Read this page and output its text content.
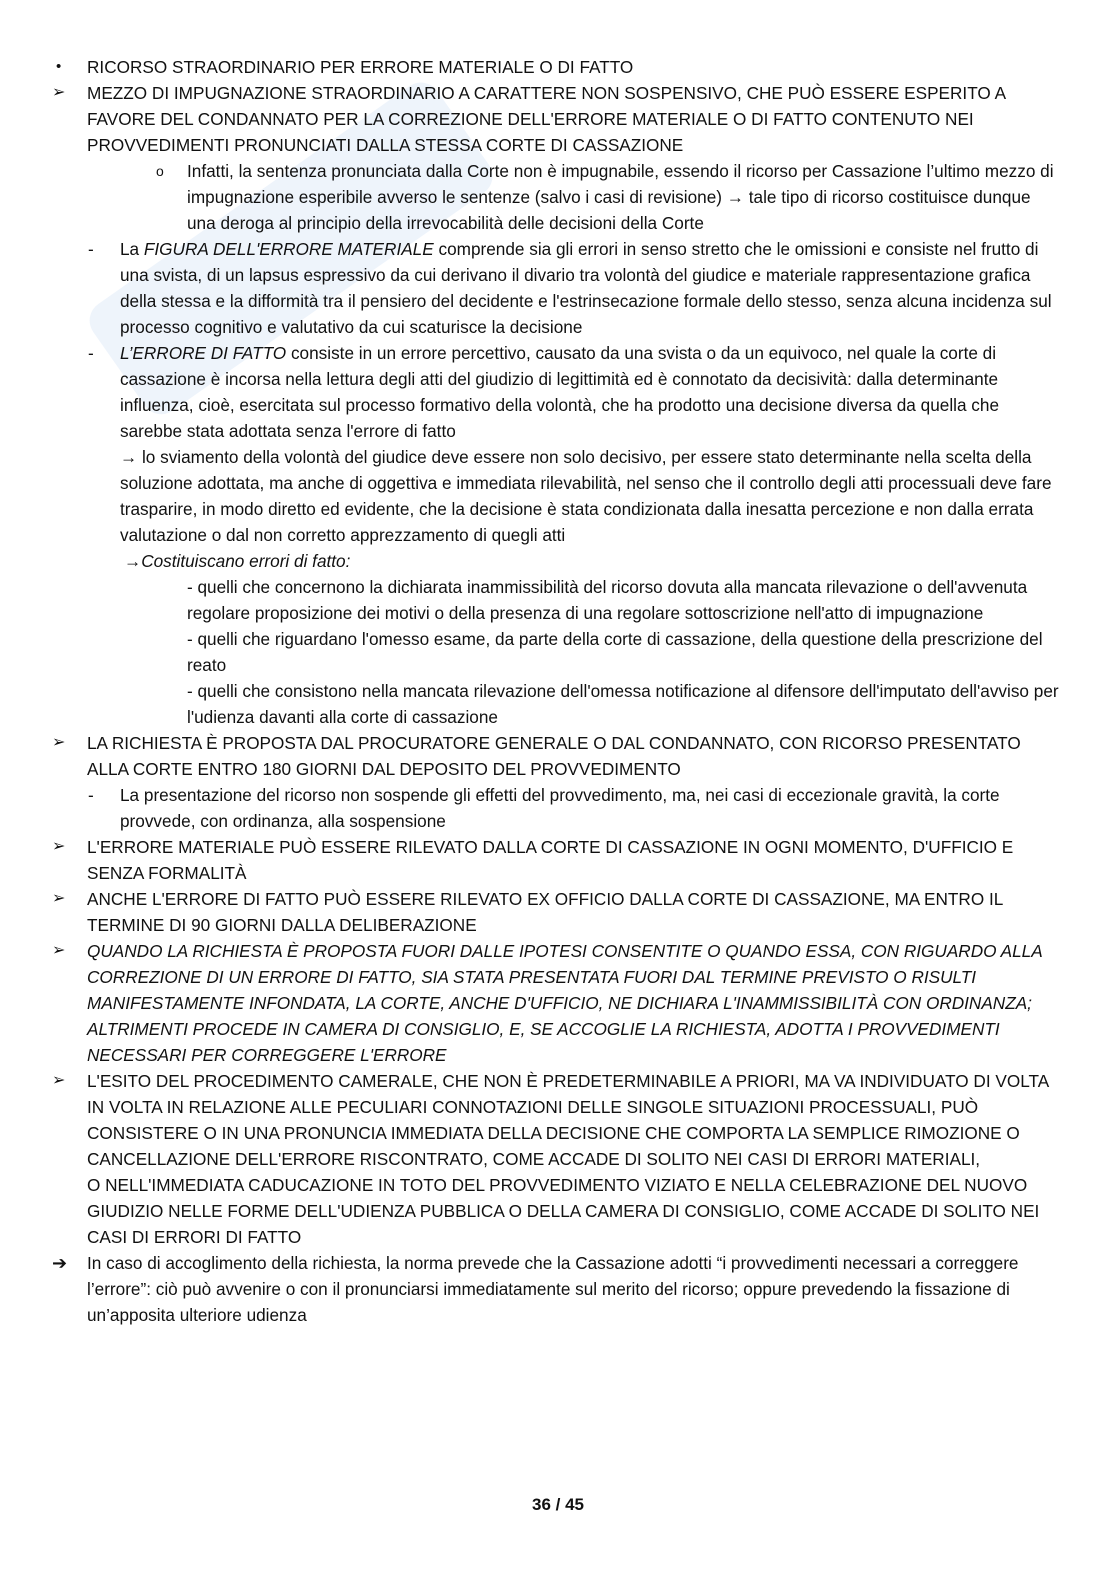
•	RICORSO STRAORDINARIO PER ERRORE MATERIALE O DI FATTO
➢	MEZZO DI IMPUGNAZIONE STRAORDINARIO A CARATTERE NON SOSPENSIVO, CHE PUÒ ESSERE ESPERITO A FAVORE DEL CONDANNATO PER LA CORREZIONE DELL'ERRORE MATERIALE O DI FATTO CONTENUTO NEI PROVVEDIMENTI PRONUNCIATI DALLA STESSA CORTE DI CASSAZIONE
o	Infatti, la sentenza pronunciata dalla Corte non è impugnabile, essendo il ricorso per Cassazione l’ultimo mezzo di impugnazione esperibile avverso le sentenze (salvo i casi di revisione) → tale tipo di ricorso costituisce dunque una deroga al principio della irrevocabilità delle decisioni della Corte
-	La FIGURA DELL'ERRORE MATERIALE comprende sia gli errori in senso stretto che le omissioni e consiste nel frutto di una svista, di un lapsus espressivo da cui derivano il divario tra volontà del giudice e materiale rappresentazione grafica della stessa e la difformità tra il pensiero del decidente e l'estrinsecazione formale dello stesso, senza alcuna incidenza sul processo cognitivo e valutativo da cui scaturisce la decisione
-	L’ERRORE DI FATTO consiste in un errore percettivo, causato da una svista o da un equivoco, nel quale la corte di cassazione è incorsa nella lettura degli atti del giudizio di legittimità ed è connotato da decisività: dalla determinante influenza, cioè, esercitata sul processo formativo della volontà, che ha prodotto una decisione diversa da quella che sarebbe stata adottata senza l'errore di fatto
→ lo sviamento della volontà del giudice deve essere non solo decisivo, per essere stato determinante nella scelta della soluzione adottata, ma anche di oggettiva e immediata rilevabilità, nel senso che il controllo degli atti processuali deve fare trasparire, in modo diretto ed evidente, che la decisione è stata condizionata dalla inesatta percezione e non dalla errata valutazione o dal non corretto apprezzamento di quegli atti
→Costituiscano errori di fatto:
- quelli che concernono la dichiarata inammissibilità del ricorso dovuta alla mancata rilevazione o dell'avvenuta regolare proposizione dei motivi o della presenza di una regolare sottoscrizione nell'atto di impugnazione
- quelli che riguardano l'omesso esame, da parte della corte di cassazione, della questione della prescrizione del reato
- quelli che consistono nella mancata rilevazione dell'omessa notificazione al difensore dell'imputato dell'avviso per l'udienza davanti alla corte di cassazione
➢	LA RICHIESTA È PROPOSTA DAL PROCURATORE GENERALE O DAL CONDANNATO, CON RICORSO PRESENTATO ALLA CORTE ENTRO 180 GIORNI DAL DEPOSITO DEL PROVVEDIMENTO
-	La presentazione del ricorso non sospende gli effetti del provvedimento, ma, nei casi di eccezionale gravità, la corte provvede, con ordinanza, alla sospensione
➢	L'ERRORE MATERIALE PUÒ ESSERE RILEVATO DALLA CORTE DI CASSAZIONE IN OGNI MOMENTO, D'UFFICIO E SENZA FORMALITÀ
➢	ANCHE L'ERRORE DI FATTO PUÒ ESSERE RILEVATO EX OFFICIO DALLA CORTE DI CASSAZIONE, MA ENTRO IL TERMINE DI 90 GIORNI DALLA DELIBERAZIONE
➢	QUANDO LA RICHIESTA È PROPOSTA FUORI DALLE IPOTESI CONSENTITE O QUANDO ESSA, CON RIGUARDO ALLA CORREZIONE DI UN ERRORE DI FATTO, SIA STATA PRESENTATA FUORI DAL TERMINE PREVISTO O RISULTI MANIFESTAMENTE INFONDATA, LA CORTE, ANCHE D'UFFICIO, NE DICHIARA L'INAMMISSIBILITÀ CON ORDINANZA; ALTRIMENTI PROCEDE IN CAMERA DI CONSIGLIO, E, SE ACCOGLIE LA RICHIESTA, ADOTTA I PROVVEDIMENTI NECESSARI PER CORREGGERE L'ERRORE
➢ L'ESITO DEL PROCEDIMENTO CAMERALE, CHE NON È PREDETERMINABILE A PRIORI, MA VA INDIVIDUATO DI VOLTA IN VOLTA IN RELAZIONE ALLE PECULIARI CONNOTAZIONI DELLE SINGOLE SITUAZIONI PROCESSUALI, PUÒ CONSISTERE O IN UNA PRONUNCIA IMMEDIATA DELLA DECISIONE CHE COMPORTA LA SEMPLICE RIMOZIONE O CANCELLAZIONE DELL'ERRORE RISCONTRATO, COME ACCADE DI SOLITO NEI CASI DI ERRORI MATERIALI,
O NELL'IMMEDIATA CADUCAZIONE IN TOTO DEL PROVVEDIMENTO VIZIATO E NELLA CELEBRAZIONE DEL NUOVO GIUDIZIO NELLE FORME DELL'UDIENZA PUBBLICA O DELLA CAMERA DI CONSIGLIO, COME ACCADE DI SOLITO NEI CASI DI ERRORI DI FATTO
➔	In caso di accoglimento della richiesta, la norma prevede che la Cassazione adotti “i provvedimenti necessari a correggere l’errore”: ciò può avvenire o con il pronunciarsi immediatamente sul merito del ricorso; oppure prevedendo la fissazione di un’apposita ulteriore udienza
36 / 45
